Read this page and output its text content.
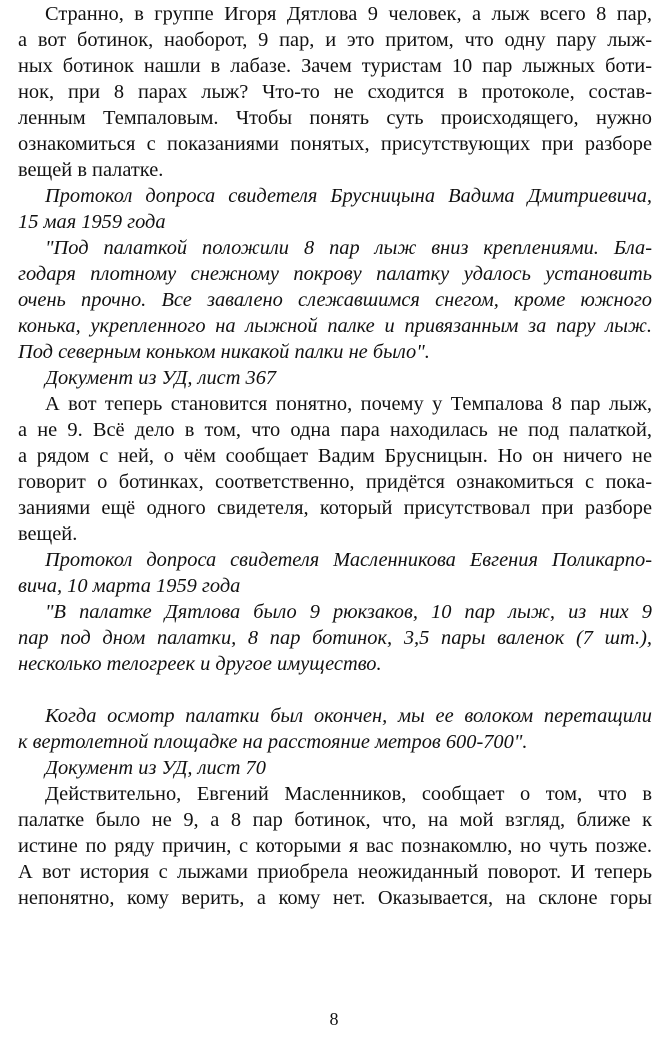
Странно, в группе Игоря Дятлова 9 человек, а лыж всего 8 пар,
а вот ботинок, наоборот, 9 пар, и это притом, что одну пару лыж-
ных ботинок нашли в лабазе. Зачем туристам 10 пар лыжных боти-
нок, при 8 парах лыж? Что-то не сходится в протоколе, состав-
ленным Темпаловым. Чтобы понять суть происходящего, нужно
ознакомиться с показаниями понятых, присутствующих при разборе
вещей в палатке.
Протокол допроса свидетеля Брусницына Вадима Дмитриевича,
15 мая 1959 года
"Под палаткой положили 8 пар лыж вниз креплениями. Бла-
годаря плотному снежному покрову палатку удалось установить
очень прочно. Все завалено слежавшимся снегом, кроме южного
конька, укрепленного на лыжной палке и привязанным за пару лыж.
Под северным коньком никакой палки не было".
Документ из УД, лист 367
А вот теперь становится понятно, почему у Темпалова 8 пар лыж,
а не 9. Всё дело в том, что одна пара находилась не под палаткой,
а рядом с ней, о чём сообщает Вадим Брусницын. Но он ничего не
говорит о ботинках, соответственно, придётся ознакомиться с пока-
заниями ещё одного свидетеля, который присутствовал при разборе
вещей.
Протокол допроса свидетеля Масленникова Евгения Поликарпо-
вича, 10 марта 1959 года
"В палатке Дятлова было 9 рюкзаков, 10 пар лыж, из них 9
пар под дном палатки, 8 пар ботинок, 3,5 пары валенок (7 шт.),
несколько телогреек и другое имущество.
Когда осмотр палатки был окончен, мы ее волоком перетащили
к вертолетной площадке на расстояние метров 600-700".
Документ из УД, лист 70
Действительно, Евгений Масленников, сообщает о том, что в
палатке было не 9, а 8 пар ботинок, что, на мой взгляд, ближе к
истине по ряду причин, с которыми я вас познакомлю, но чуть позже.
А вот история с лыжами приобрела неожиданный поворот. И теперь
непонятно, кому верить, а кому нет. Оказывается, на склоне горы
8
